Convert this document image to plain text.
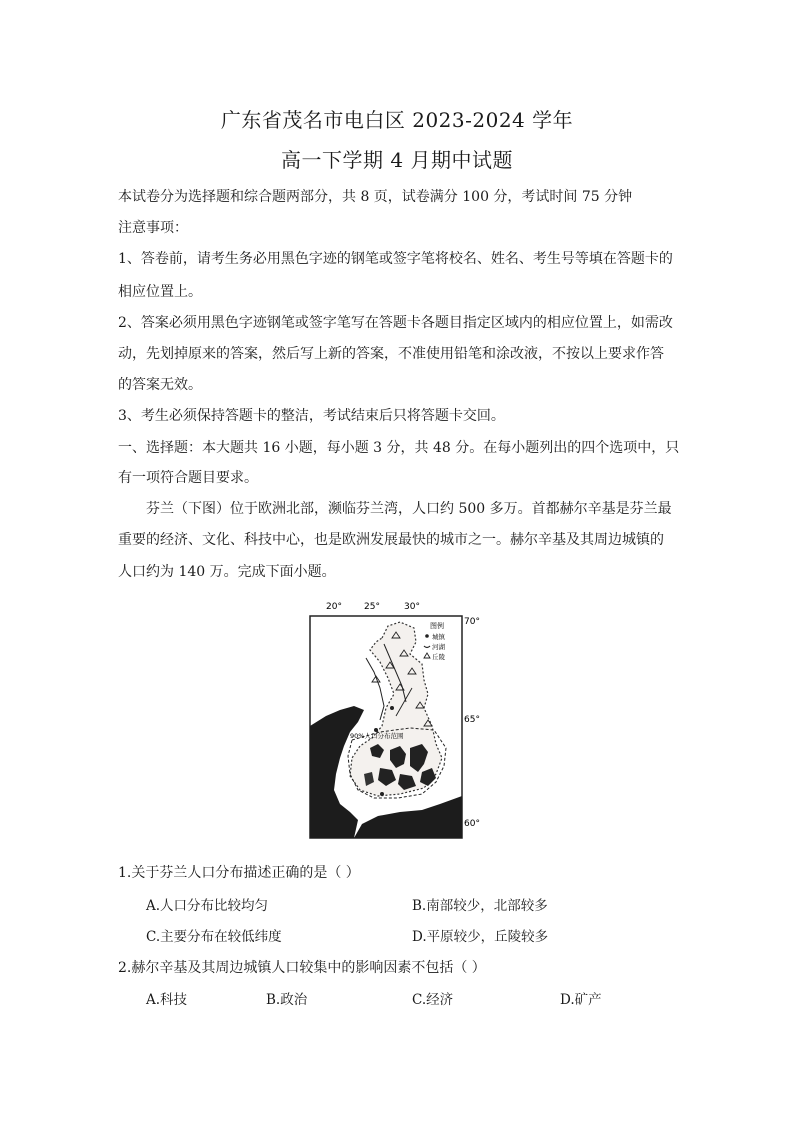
广东省茂名市电白区 2023-2024 学年
高一下学期 4 月期中试题
本试卷分为选择题和综合题两部分，共 8 页，试卷满分 100 分，考试时间 75 分钟
注意事项：
1、答卷前，请考生务必用黑色字迹的钢笔或签字笔将校名、姓名、考生号等填在答题卡的
相应位置上。
2、答案必须用黑色字迹钢笔或签字笔写在答题卡各题目指定区域内的相应位置上，如需改
动，先划掉原来的答案，然后写上新的答案，不准使用铅笔和涂改液，不按以上要求作答
的答案无效。
3、考生必须保持答题卡的整洁，考试结束后只将答题卡交回。
一、选择题：本大题共 16 小题，每小题 3 分，共 48 分。在每小题列出的四个选项中，只
有一项符合题目要求。
芬兰（下图）位于欧洲北部，濒临芬兰湾，人口约 500 多万。首都赫尔辛基是芬兰最
重要的经济、文化、科技中心，也是欧洲发展最快的城市之一。赫尔辛基及其周边城镇的
人口约为 140 万。完成下面小题。
20° 25°	30°
70°
65°
60°
90%人口分布范围
图例
城镇
河湖
丘陵
1.关于芬兰人口分布描述正确的是（ ）
A.人口分布比较均匀	B.南部较少，北部较多
C.主要分布在较低纬度	D.平原较少，丘陵较多
2.赫尔辛基及其周边城镇人口较集中的影响因素不包括（ ）
A.科技	B.政治	C.经济	D.矿产
